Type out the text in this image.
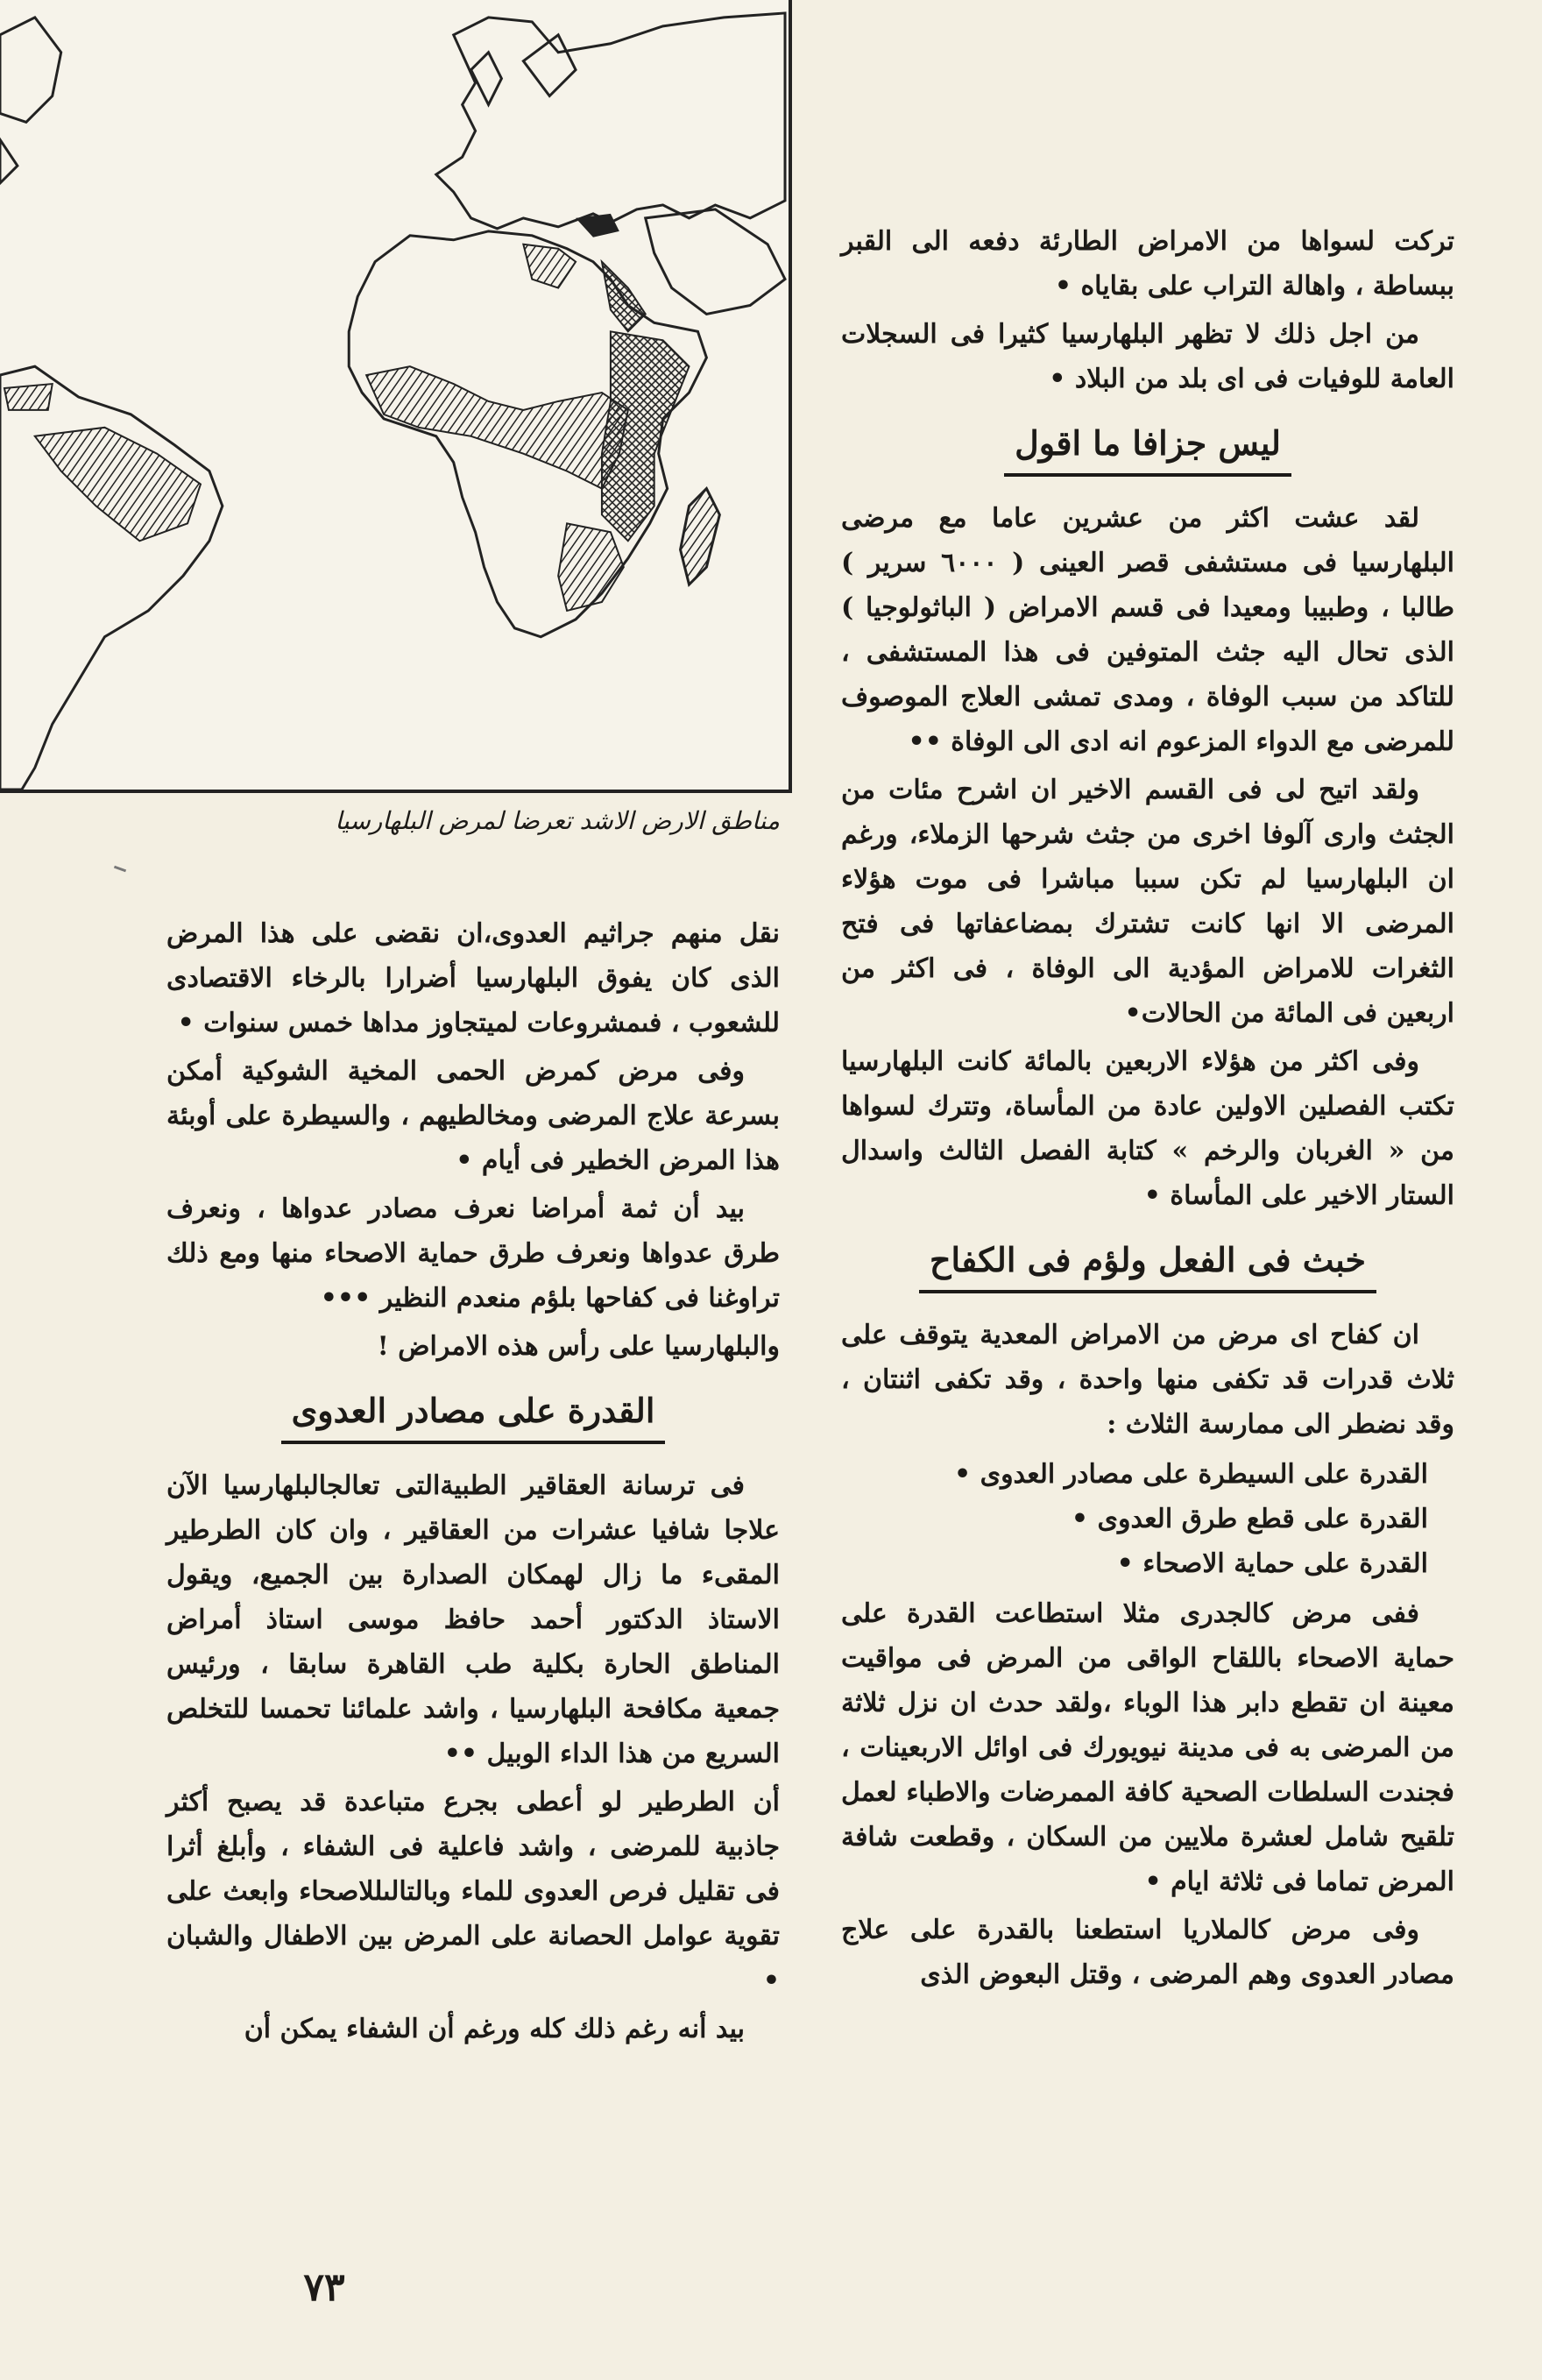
مناطق الارض الاشد تعرضا لمرض البلهارسيا

تركت لسواها من الامراض الطارئة دفعه الى القبر ببساطة ، واهالة التراب على بقاياه •

من اجل ذلك لا تظهر البلهارسيا كثيرا فى السجلات العامة للوفيات فى اى بلد من البلاد •

ليس جزافا ما اقول

لقد عشت اكثر من عشرين عاما مع مرضى البلهارسيا فى مستشفى قصر العينى ( ٦٠٠٠ سرير ) طالبا ، وطبيبا ومعيدا فى قسم الامراض ( الباثولوجيا ) الذى تحال اليه جثث المتوفين فى هذا المستشفى ، للتاكد من سبب الوفاة ، ومدى تمشى العلاج الموصوف للمرضى مع الدواء المزعوم انه ادى الى الوفاة ••

ولقد اتيح لى فى القسم الاخير ان اشرح مئات من الجثث وارى آلوفا اخرى من جثث شرحها الزملاء، ورغم ان البلهارسيا لم تكن سببا مباشرا فى موت هؤلاء المرضى الا انها كانت تشترك بمضاعفاتها فى فتح الثغرات للامراض المؤدية الى الوفاة ، فى اكثر من اربعين فى المائة من الحالات•

وفى اكثر من هؤلاء الاربعين بالمائة كانت البلهارسيا تكتب الفصلين الاولين عادة من المأساة، وتترك لسواها من « الغربان والرخم » كتابة الفصل الثالث واسدال الستار الاخير على المأساة •

خبث فى الفعل ولؤم فى الكفاح

ان كفاح اى مرض من الامراض المعدية يتوقف على ثلاث قدرات قد تكفى منها واحدة ، وقد تكفى اثنتان ، وقد نضطر الى ممارسة الثلاث :

القدرة على السيطرة على مصادر العدوى •
القدرة على قطع طرق العدوى •
القدرة على حماية الاصحاء •

ففى مرض كالجدرى مثلا استطاعت القدرة على حماية الاصحاء باللقاح الواقى من المرض فى مواقيت معينة ان تقطع دابر هذا الوباء ،ولقد حدث ان نزل ثلاثة من المرضى به فى مدينة نيويورك فى اوائل الاربعينات ، فجندت السلطات الصحية كافة الممرضات والاطباء لعمل تلقيح شامل لعشرة ملايين من السكان ، وقطعت شافة المرض تماما فى ثلاثة ايام •

وفى مرض كالملاريا استطعنا بالقدرة على علاج مصادر العدوى وهم المرضى ، وقتل البعوض الذى

نقل منهم جراثيم العدوى،ان نقضى على هذا المرض الذى كان يفوق البلهارسيا أضرارا بالرخاء الاقتصادى للشعوب ، فىمشروعات لميتجاوز مداها خمس سنوات •

وفى مرض كمرض الحمى المخية الشوكية أمكن بسرعة علاج المرضى ومخالطيهم ، والسيطرة على أوبئة هذا المرض الخطير فى أيام •

بيد أن ثمة أمراضا نعرف مصادر عدواها ، ونعرف طرق عدواها ونعرف طرق حماية الاصحاء منها ومع ذلك تراوغنا فى كفاحها بلؤم منعدم النظير •••

والبلهارسيا على رأس هذه الامراض !

القدرة على مصادر العدوى

فى ترسانة العقاقير الطبيةالتى تعالجالبلهارسيا الآن علاجا شافيا عشرات من العقاقير ، وان كان الطرطير المقىء ما زال لهمكان الصدارة بين الجميع، ويقول الاستاذ الدكتور أحمد حافظ موسى استاذ أمراض المناطق الحارة بكلية طب القاهرة سابقا ، ورئيس جمعية مكافحة البلهارسيا ، واشد علمائنا تحمسا للتخلص السريع من هذا الداء الوبيل ••

أن الطرطير لو أعطى بجرع متباعدة قد يصبح أكثر جاذبية للمرضى ، واشد فاعلية فى الشفاء ، وأبلغ أثرا فى تقليل فرص العدوى للماء وبالتالىللاصحاء وابعث على تقوية عوامل الحصانة على المرض بين الاطفال والشبان •

بيد أنه رغم ذلك كله ورغم أن الشفاء يمكن أن

٧٣
